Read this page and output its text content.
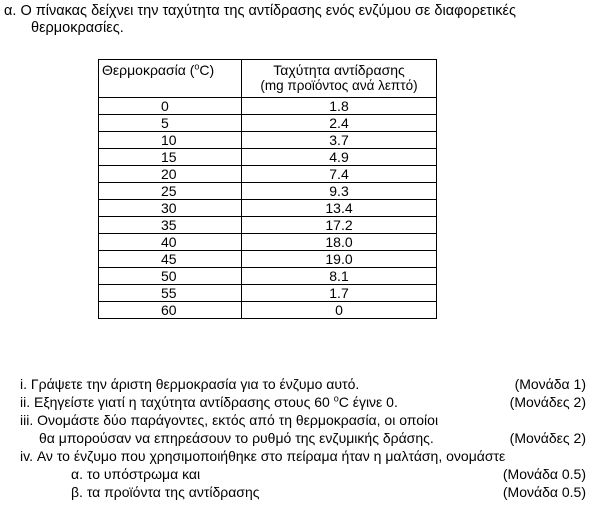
α. Ο πίνακας δείχνει την ταχύτητα της αντίδρασης ενός ενζύμου σε διαφορετικές
θερμοκρασίες.
Θερμοκρασία ($^o$C)	Ταχύτητα αντίδρασης
(mg προϊόντος ανά λεπτό)

0	1.8
5	2.4
10	3.7
15	4.9
20	7.4
25	9.3
30	13.4
35	17.2
40	18.0
45	19.0
50	8.1
55	1.7
60	0
i. Γράψετε την άριστη θερμοκρασία για το ένζυμο αυτό.	(Μονάδα 1)
ii. Εξηγείστε γιατί η ταχύτητα αντίδρασης στους 60 $^o$C έγινε 0.	(Μονάδες 2)
iii. Ονομάστε δύο παράγοντες, εκτός από τη θερμοκρασία, οι οποίοι
θα μπορούσαν να επηρεάσουν το ρυθμό της ενζυμικής δράσης.	(Μονάδες 2)
iv. Αν το ένζυμο που χρησιμοποιήθηκε στο πείραμα ήταν η μαλτάση, ονομάστε
α. το υπόστρωμα και	(Μονάδα 0.5)
β. τα προϊόντα της αντίδρασης	(Μονάδα 0.5)
